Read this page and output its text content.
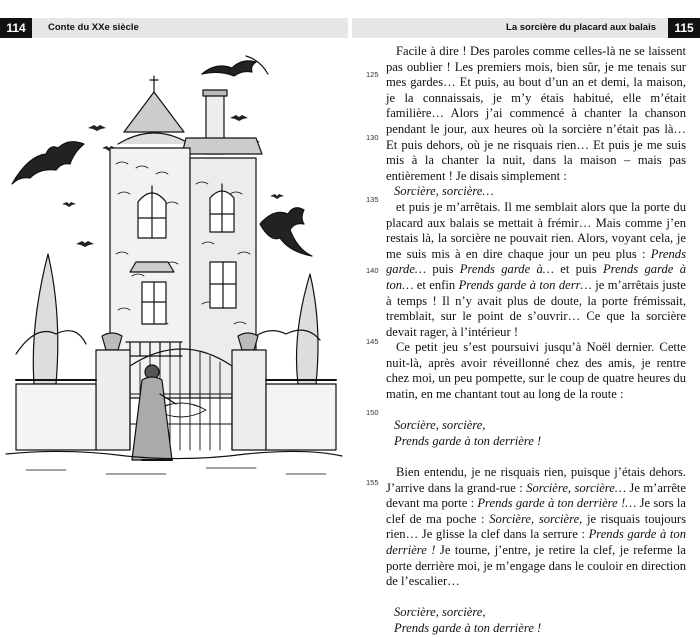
114	Conte du XXe siècle	La sorcière du placard aux balais	115
125
130
135
140
145
150
155

Facile à dire ! Des paroles comme celles-là ne se laissent pas oublier ! Les premiers mois, bien sûr, je me tenais sur mes gardes… Et puis, au bout d’un an et demi, la maison, je la connaissais, je m’y étais habitué, elle m’était familière… Alors j’ai commencé à chanter la chanson pendant le jour, aux heures où la sorcière n’était pas là… Et puis dehors, où je ne risquais rien… Et puis je me suis mis à la chanter la nuit, dans la maison – mais pas entièrement ! Je disais simplement :

Sorcière, sorcière…

et puis je m’arrêtais. Il me semblait alors que la porte du placard aux balais se mettait à frémir… Mais comme j’en restais là, la sorcière ne pouvait rien. Alors, voyant cela, je me suis mis à en dire chaque jour un peu plus : Prends garde… puis Prends garde à… et puis Prends garde à ton… et enfin Prends garde à ton derr… je m’arrêtais juste à temps ! Il n’y avait plus de doute, la porte frémissait, tremblait, sur le point de s’ouvrir… Ce que la sorcière devait rager, à l’intérieur !

Ce petit jeu s’est poursuivi jusqu’à Noël dernier. Cette nuit-là, après avoir réveillonné chez des amis, je rentre chez moi, un peu pompette, sur le coup de quatre heures du matin, en me chantant tout au long de la route :

Sorcière, sorcière,

Prends garde à ton derrière !

Bien entendu, je ne risquais rien, puisque j’étais dehors. J’arrive dans la grand-rue : Sorcière, sorcière… Je m’arrête devant ma porte : Prends garde à ton derrière !… Je sors la clef de ma poche : Sorcière, sorcière, je risquais toujours rien… Je glisse la clef dans la serrure : Prends garde à ton derrière ! Je tourne, j’entre, je retire la clef, je referme la porte derrière moi, je m’engage dans le couloir en direction de l’escalier…

Sorcière, sorcière,

Prends garde à ton derrière !
